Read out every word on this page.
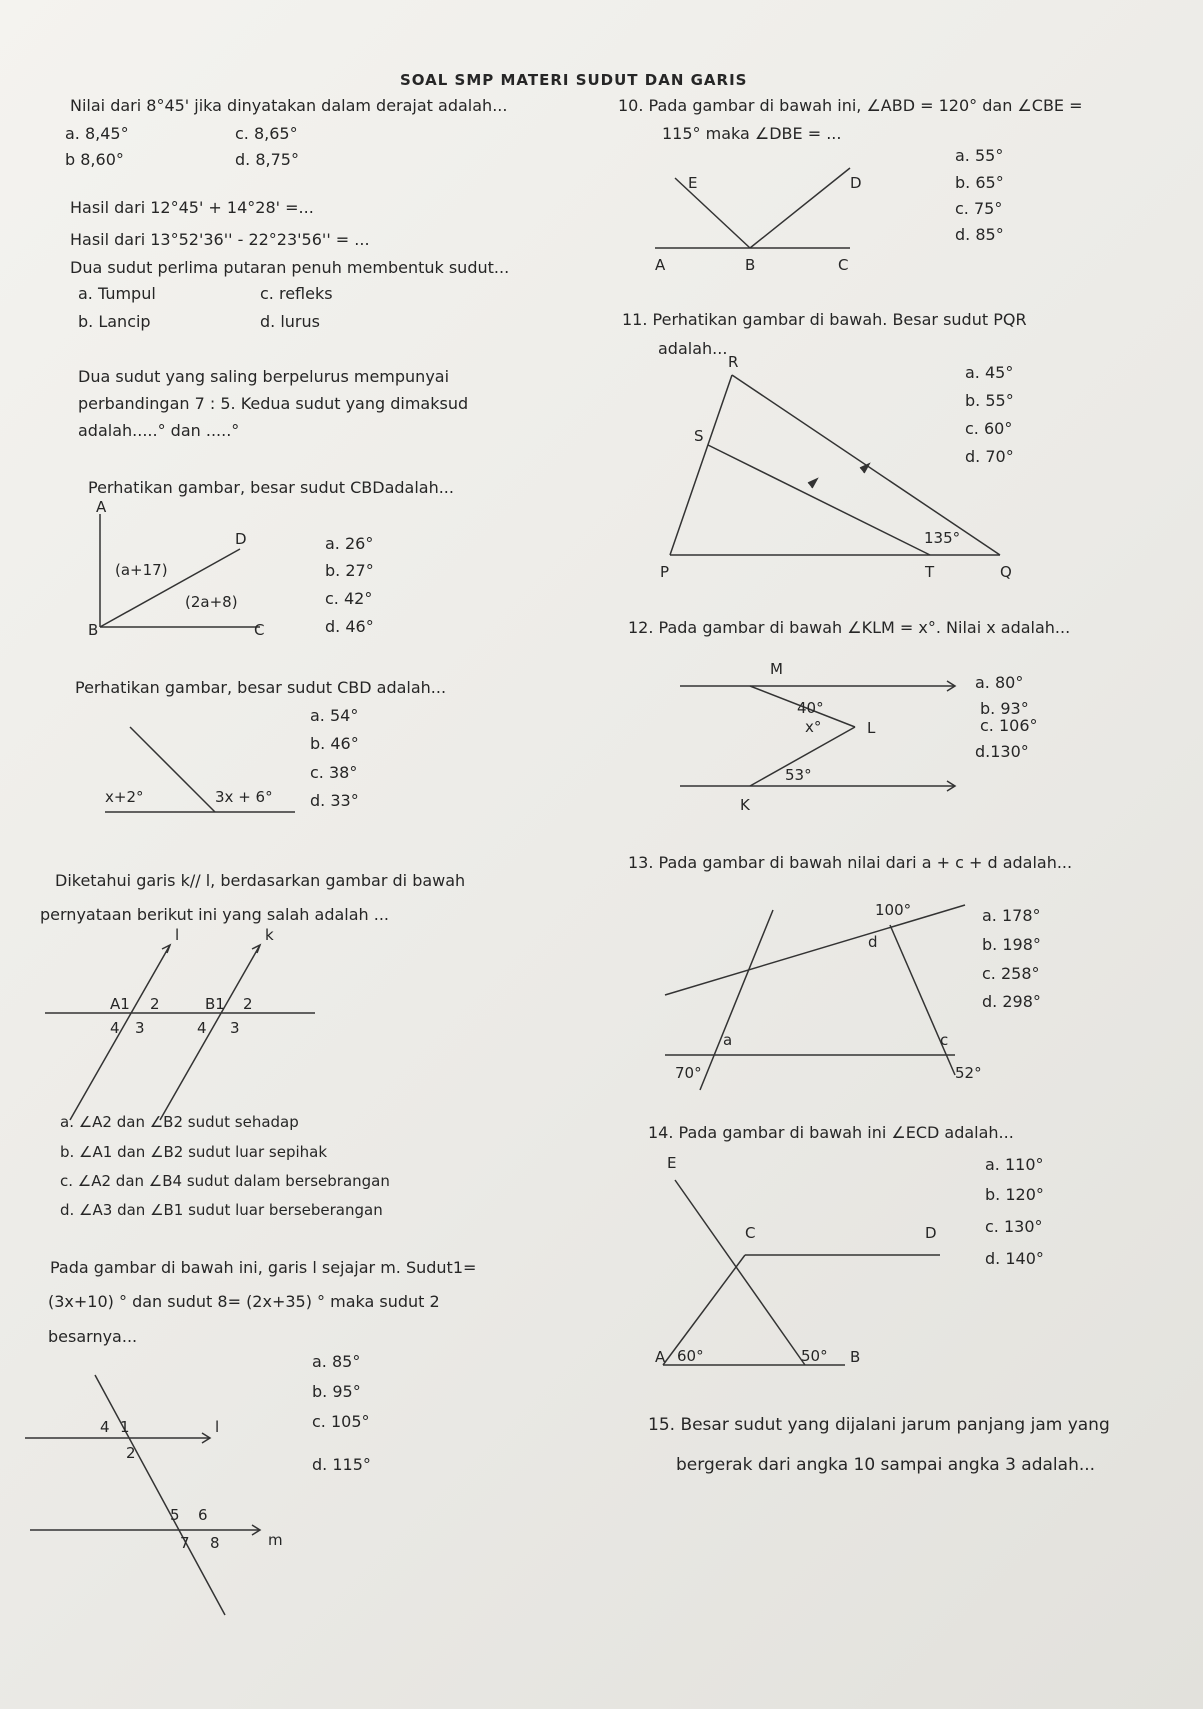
SOAL SMP MATERI SUDUT DAN GARIS
Nilai dari 8°45' jika dinyatakan dalam derajat adalah...
a. 8,45°	c. 8,65°
b 8,60°	d. 8,75°
Hasil dari 12°45' + 14°28' =...
Hasil dari 13°52'36'' - 22°23'56'' = ...
Dua sudut perlima putaran penuh membentuk sudut...
a. Tumpul	c. refleks
b. Lancip	d. lurus
Dua sudut yang saling berpelurus mempunyai
perbandingan 7 : 5. Kedua sudut yang dimaksud
adalah.....° dan .....°
Perhatikan gambar, besar sudut CBDadalah...
A
D
B	C
(a+17)
(2a+8)
a. 26°
b. 27°
c. 42°
d. 46°
Perhatikan gambar, besar sudut CBD adalah...
x+2°	3x + 6°
a. 54°
b. 46°
c. 38°
d. 33°
Diketahui garis k// l, berdasarkan gambar di bawah
pernyataan berikut ini yang salah adalah ...
l	k
A1 2
4 3
B1 2
4 3
a. ∠A2 dan ∠B2 sudut sehadap
b. ∠A1 dan ∠B2 sudut luar sepihak
c. ∠A2 dan ∠B4 sudut dalam bersebrangan
d. ∠A3 dan ∠B1 sudut luar berseberangan
Pada gambar di bawah ini, garis l sejajar m. Sudut1=
(3x+10) ° dan sudut 8= (2x+35) ° maka sudut 2
besarnya...
1
4
2
5 6
7 8
l
m
a. 85°
b. 95°
c. 105°
d. 115°
10. Pada gambar di bawah ini, ∠ABD = 120° dan ∠CBE =
115° maka ∠DBE = ...
E	D
A	B	C
a. 55°
b. 65°
c. 75°
d. 85°
11. Perhatikan gambar di bawah. Besar sudut PQR
adalah...
R
S
P	T	Q
135°
a. 45°
b. 55°
c. 60°
d. 70°
12. Pada gambar di bawah ∠KLM = x°. Nilai x adalah...
M
40°
x°	L
53°
K
a. 80°
b. 93°
c. 106°
d.130°
13. Pada gambar di bawah nilai dari a + c + d adalah...
100°
d
a	c
70°	52°
a. 178°
b. 198°
c. 258°
d. 298°
14. Pada gambar di bawah ini ∠ECD adalah...
E
C	D
A	B
60°	50°
a. 110°
b. 120°
c. 130°
d. 140°
15. Besar sudut yang dijalani jarum panjang jam yang
bergerak dari angka 10 sampai angka 3 adalah...
